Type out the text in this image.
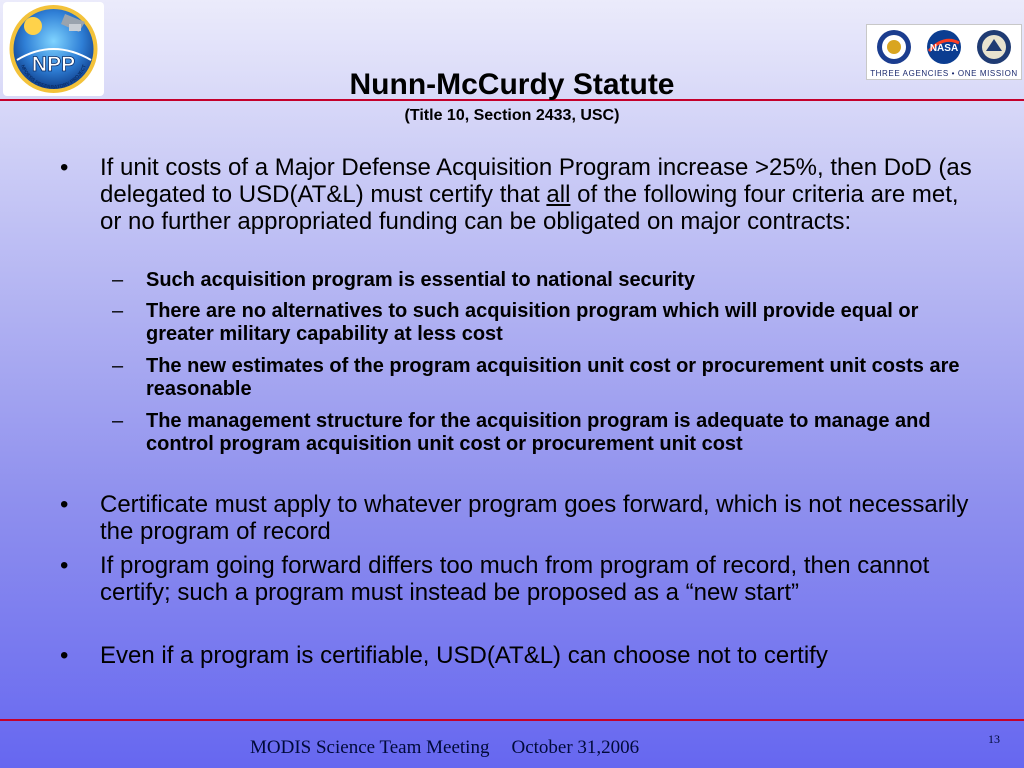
NPP
NPOESS PREPARATORY PROJECT
NASA
THREE AGENCIES • ONE MISSION
Nunn-McCurdy Statute
(Title 10, Section 2433, USC)
• If unit costs of a Major Defense Acquisition Program increase >25%, then DoD (as delegated to USD(AT&L) must certify that all of the following four criteria are met, or no further appropriated funding can be obligated on major contracts:
– Such acquisition program is essential to national security
– There are no alternatives to such acquisition program which will provide equal or greater military capability at less cost
– The new estimates of the program acquisition unit cost or procurement unit costs are reasonable
– The management structure for the acquisition program is adequate to manage and control program acquisition unit cost or procurement unit cost
• Certificate must apply to whatever program goes forward, which is not necessarily the program of record
• If program going forward differs too much from program of record, then cannot certify; such a program must instead be proposed as a “new start”
• Even if a program is certifiable, USD(AT&L) can choose not to certify
MODIS Science Team Meeting October 31,2006	13
